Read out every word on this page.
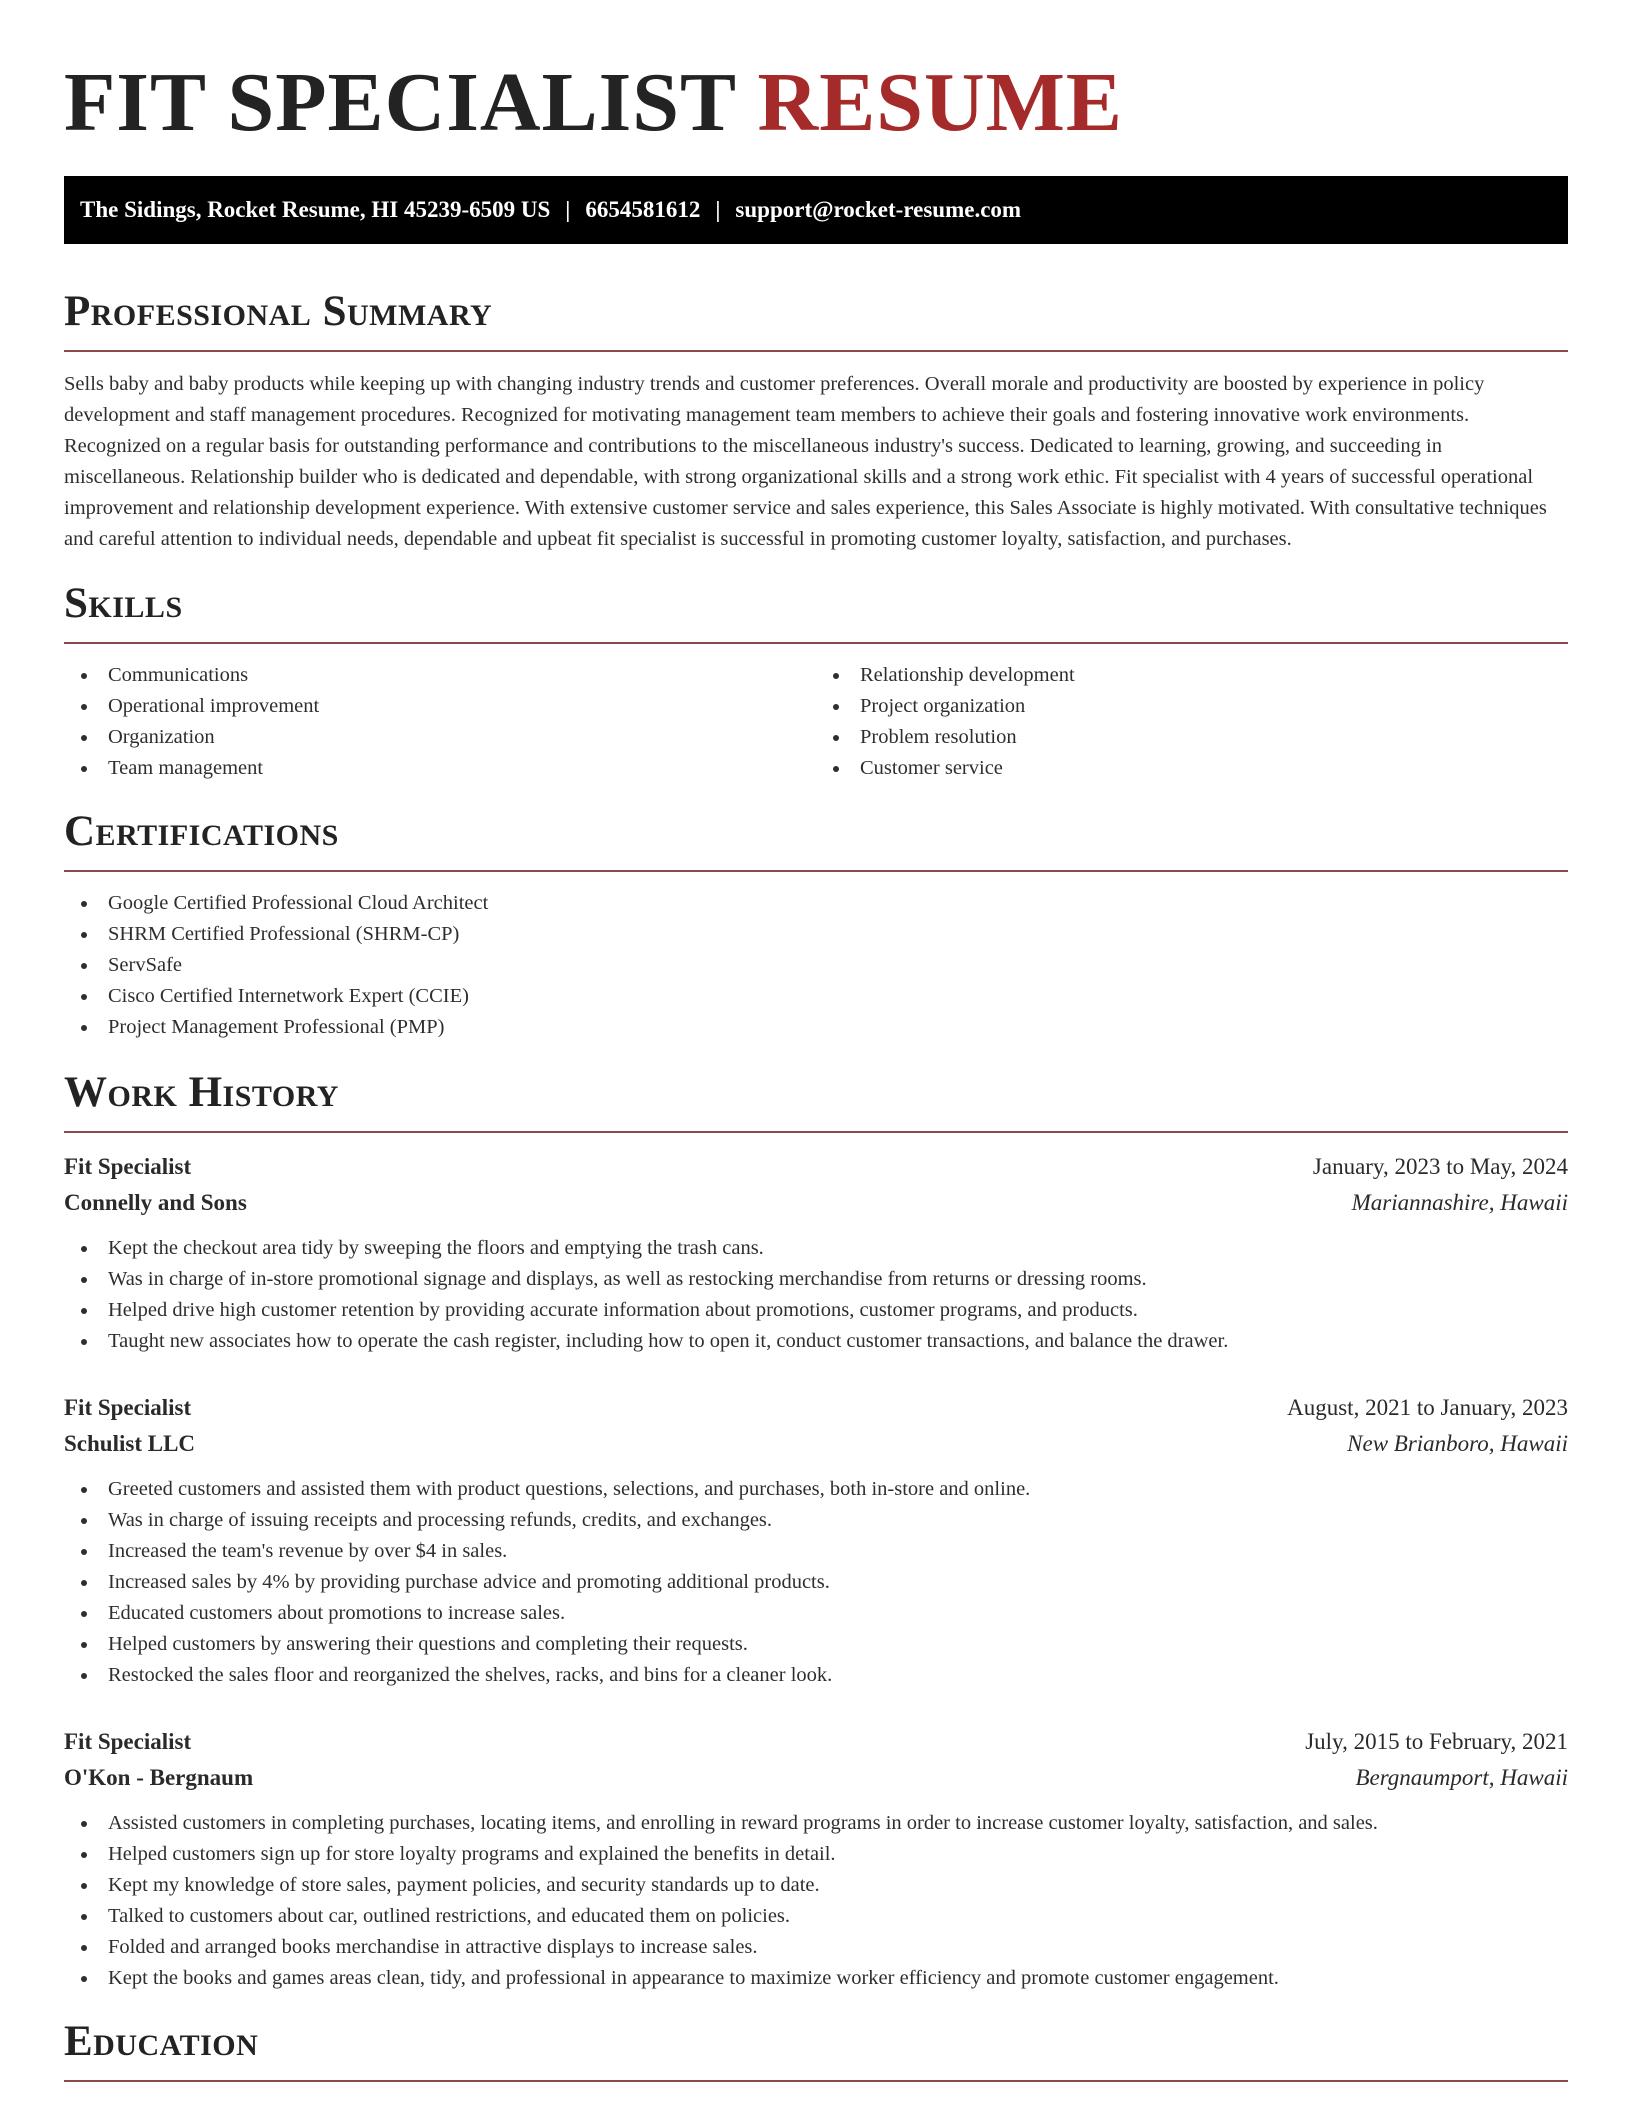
FIT SPECIALIST RESUME
The Sidings, Rocket Resume, HI 45239-6509 US | 6654581612 | support@rocket-resume.com
Professional Summary

Sells baby and baby products while keeping up with changing industry trends and customer preferences. Overall morale and productivity are boosted by experience in policy development and staff management procedures. Recognized for motivating management team members to achieve their goals and fostering innovative work environments. Recognized on a regular basis for outstanding performance and contributions to the miscellaneous industry's success. Dedicated to learning, growing, and succeeding in miscellaneous. Relationship builder who is dedicated and dependable, with strong organizational skills and a strong work ethic. Fit specialist with 4 years of successful operational improvement and relationship development experience. With extensive customer service and sales experience, this Sales Associate is highly motivated. With consultative techniques and careful attention to individual needs, dependable and upbeat fit specialist is successful in promoting customer loyalty, satisfaction, and purchases.

Skills
Communications
Operational improvement
Organization
Team management
Relationship development
Project organization
Problem resolution
Customer service
Certifications
Google Certified Professional Cloud Architect
SHRM Certified Professional (SHRM-CP)
ServSafe
Cisco Certified Internetwork Expert (CCIE)
Project Management Professional (PMP)
Work History
Fit Specialist	January, 2023 to May, 2024
Connelly and Sons	Mariannashire, Hawaii
Kept the checkout area tidy by sweeping the floors and emptying the trash cans.
Was in charge of in-store promotional signage and displays, as well as restocking merchandise from returns or dressing rooms.
Helped drive high customer retention by providing accurate information about promotions, customer programs, and products.
Taught new associates how to operate the cash register, including how to open it, conduct customer transactions, and balance the drawer.
Fit Specialist	August, 2021 to January, 2023
Schulist LLC	New Brianboro, Hawaii
Greeted customers and assisted them with product questions, selections, and purchases, both in-store and online.
Was in charge of issuing receipts and processing refunds, credits, and exchanges.
Increased the team's revenue by over $4 in sales.
Increased sales by 4% by providing purchase advice and promoting additional products.
Educated customers about promotions to increase sales.
Helped customers by answering their questions and completing their requests.
Restocked the sales floor and reorganized the shelves, racks, and bins for a cleaner look.
Fit Specialist	July, 2015 to February, 2021
O'Kon - Bergnaum	Bergnaumport, Hawaii
Assisted customers in completing purchases, locating items, and enrolling in reward programs in order to increase customer loyalty, satisfaction, and sales.
Helped customers sign up for store loyalty programs and explained the benefits in detail.
Kept my knowledge of store sales, payment policies, and security standards up to date.
Talked to customers about car, outlined restrictions, and educated them on policies.
Folded and arranged books merchandise in attractive displays to increase sales.
Kept the books and games areas clean, tidy, and professional in appearance to maximize worker efficiency and promote customer engagement.
Education
